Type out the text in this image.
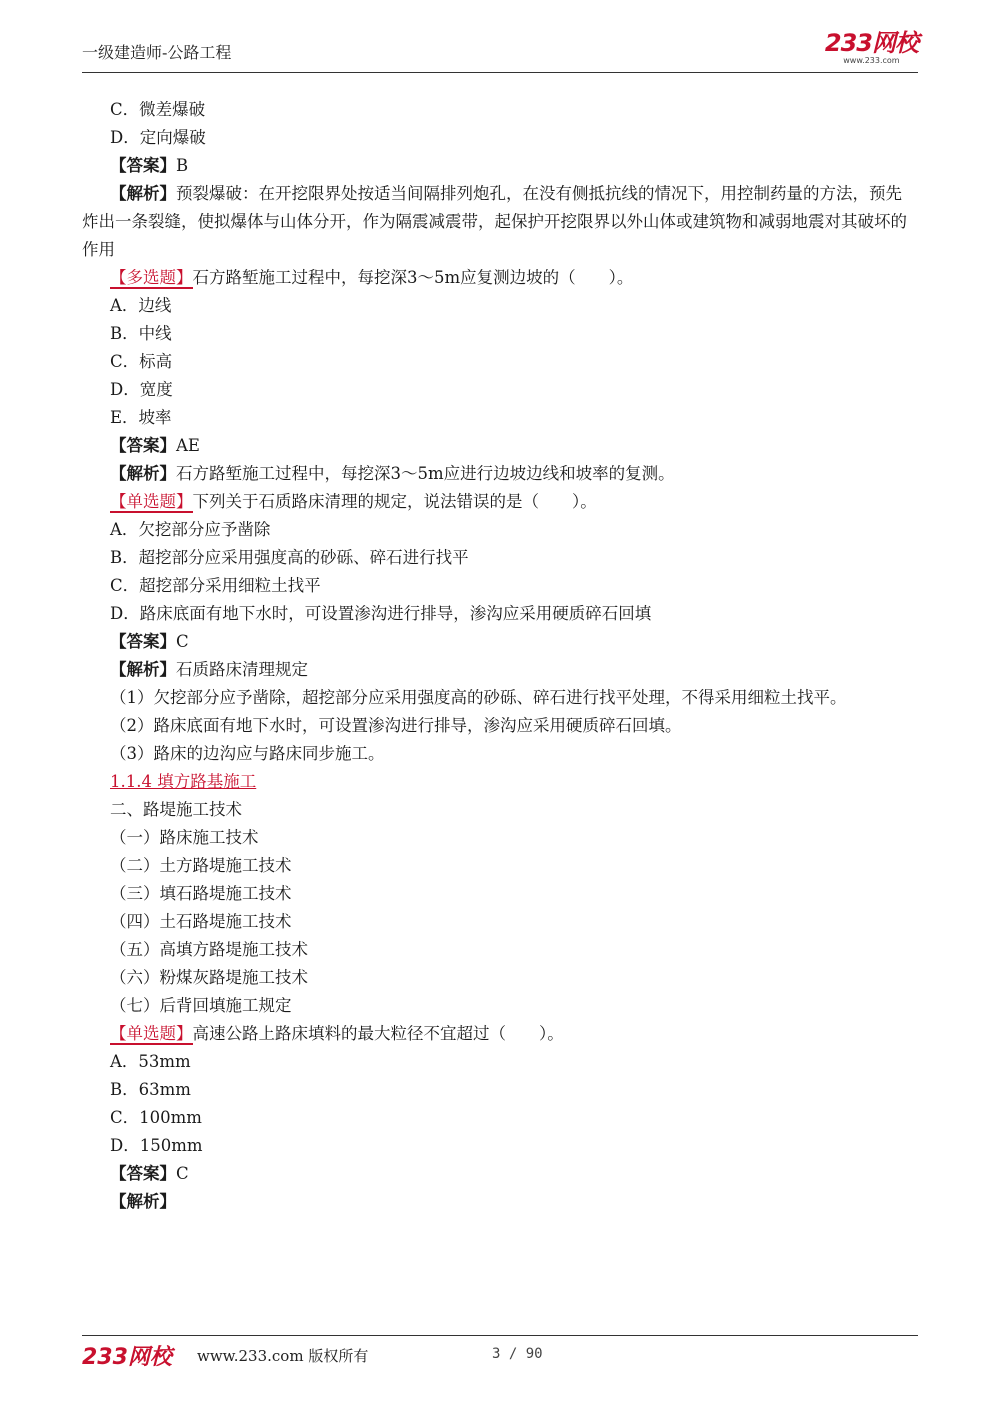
一级建造师-公路工程	233网校
www.233.com

C．微差爆破

D．定向爆破

【答案】B

【解析】预裂爆破：在开挖限界处按适当间隔排列炮孔，在没有侧抵抗线的情况下，用控制药量的方法，预先炸出一条裂缝，使拟爆体与山体分开，作为隔震减震带，起保护开挖限界以外山体或建筑物和减弱地震对其破坏的作用

【多选题】石方路堑施工过程中，每挖深3～5m应复测边坡的（　　）。

A．边线

B．中线

C．标高

D．宽度

E．坡率

【答案】AE

【解析】石方路堑施工过程中，每挖深3～5m应进行边坡边线和坡率的复测。

【单选题】下列关于石质路床清理的规定，说法错误的是（　　）。

A．欠挖部分应予凿除

B．超挖部分应采用强度高的砂砾、碎石进行找平

C．超挖部分采用细粒土找平

D．路床底面有地下水时，可设置渗沟进行排导，渗沟应采用硬质碎石回填

【答案】C

【解析】石质路床清理规定

（1）欠挖部分应予凿除，超挖部分应采用强度高的砂砾、碎石进行找平处理，不得采用细粒土找平。

（2）路床底面有地下水时，可设置渗沟进行排导，渗沟应采用硬质碎石回填。

（3）路床的边沟应与路床同步施工。

1.1.4 填方路基施工

二、路堤施工技术

（一）路床施工技术

（二）土方路堤施工技术

（三）填石路堤施工技术

（四）土石路堤施工技术

（五）高填方路堤施工技术

（六）粉煤灰路堤施工技术

（七）后背回填施工规定

【单选题】高速公路上路床填料的最大粒径不宜超过（　　）。

A．53mm

B．63mm

C．100mm

D．150mm

【答案】C

【解析】

233网校 www.233.com 版权所有	3 / 90
